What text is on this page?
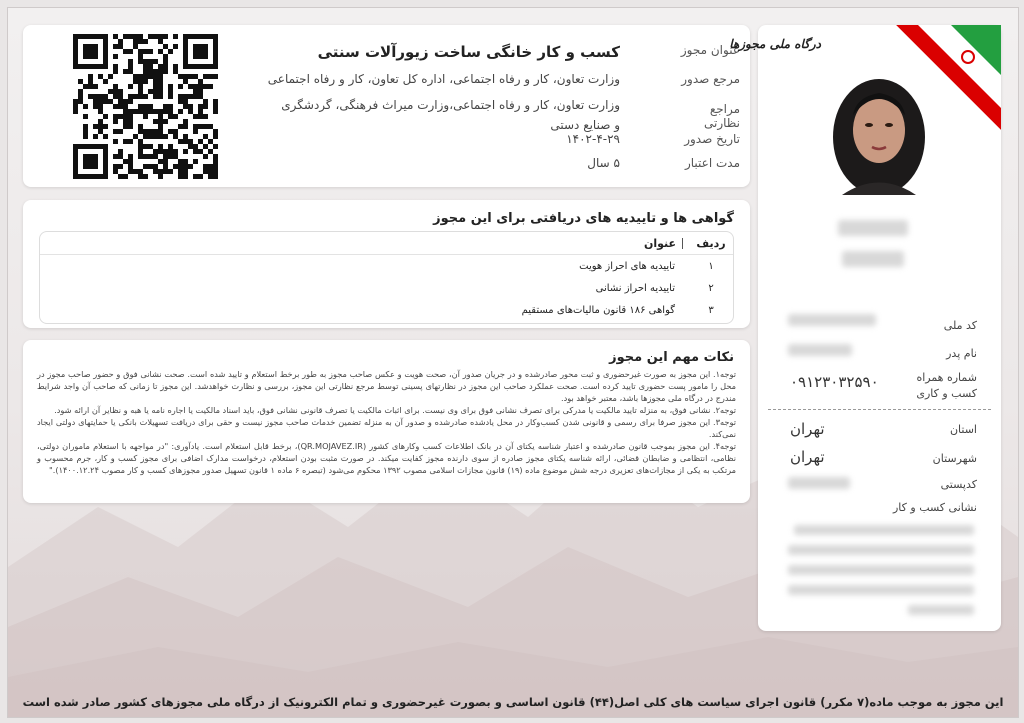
عنوان مجوز
کسب و کار خانگی ساخت زیورآلات سنتی
مرجع صدور
وزارت تعاون، کار و رفاه اجتماعی، اداره کل تعاون، کار و رفاه اجتماعی
مراجع نظارتی
وزارت تعاون، کار و رفاه اجتماعی،وزارت میراث فرهنگی، گردشگری و صنایع دستی
تاریخ صدور
۱۴۰۲-۴-۲۹
مدت اعتبار
۵ سال
گواهی ها و تاییدیه های دریافتی برای این مجوز
ردیف
عنوان
۱
تاییدیه های احراز هویت
۲
تاییدیه احراز نشانی
۳
گواهی ۱۸۶ قانون مالیات‌های مستقیم
نکات مهم این مجوز

توجه۱. این مجوز به صورت غیرحضوری و ثبت محور صادرشده و در جریان صدور آن، صحت هویت و عکس صاحب مجوز به طور برخط استعلام و تایید شده است. صحت نشانی فوق و حضور صاحب مجوز در محل را مامور پست حضوری تایید کرده است. صحت عملکرد صاحب این مجوز در نظارتهای پسینی توسط مرجع نظارتی این مجوز، بررسی و نظارت خواهدشد. این مجوز تا زمانی که صاحب آن واجد شرایط مندرج در درگاه ملی مجوزها باشد، معتبر خواهد بود.

توجه۲. نشانی فوق، به منزله تایید مالکیت یا مدرکی برای تصرف نشانی فوق برای وی نیست. برای اثبات مالکیت یا تصرف قانونی نشانی فوق، باید اسناد مالکیت یا اجاره نامه یا هبه و نظایر آن ارائه شود.

توجه۳. این مجوز صرفا برای رسمی و قانونی شدن کسب‌وکار در محل یادشده صادرشده و صدور آن به منزله تضمین خدمات صاحب مجوز نیست و حقی برای دریافت تسهیلات بانکی یا حمایتهای دولتی ایجاد نمی‌کند.

توجه۴. این مجوز بموجب قانون صادرشده و اعتبار شناسه یکتای آن در بانک اطلاعات کسب وکارهای کشور (QR.MOJAVEZ.IR)، برخط قابل استعلام است. یادآوری: "در مواجهه با استعلام ماموران دولتی، نظامی، انتظامی و ضابطان قضائی، ارائه شناسه یکتای مجوز صادره از سوی دارنده مجوز کفایت میکند. در صورت مثبت بودن استعلام، درخواست مدارک اضافی برای مجوز کسب و کار، جرم محسوب و مرتکب به یکی از مجازات‌های تعزیری درجه شش موضوع ماده (۱۹) قانون مجازات اسلامی مصوب ۱۳۹۲ محکوم می‌شود (تبصره ۶ ماده ۱ قانون تسهیل صدور مجوزهای کسب و کار مصوب ۱۴۰۰.۱۲.۲۴)."

درگاه ملی مجوزها
کد ملی
نام پدر
شماره همراه کسب و کاری
۰۹۱۲۳۰۳۲۵۹۰
استان
تهران
شهرستان
تهران
کدپستی
نشانی کسب و کار
این مجوز به موجب ماده(۷ مکرر) قانون اجرای سیاست های کلی اصل(۴۴) قانون اساسی و بصورت غیرحضوری و تمام الکترونیک از درگاه ملی مجوزهای کشور صادر شده است
